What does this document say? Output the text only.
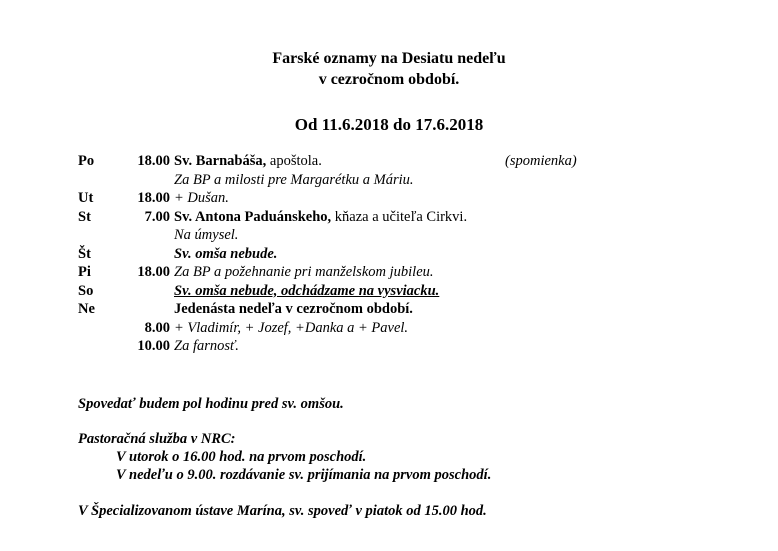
Farské oznamy na Desiatu nedeľu
v cezročnom období.
Od 11.6.2018 do 17.6.2018
Po	18.00 Sv. Barnabáša, apoštola.	(spomienka)
Za BP a milosti pre Margarétku a Máriu.
Ut	18.00 + Dušan.
St	7.00 Sv. Antona Paduánskeho, kňaza a učiteľa Cirkvi.
Na úmysel.
Št	Sv. omša nebude.
Pi	18.00 Za BP a požehnanie pri manželskom jubileu.
So	Sv. omša nebude, odchádzame na vysviacku.
Ne	Jedenásta nedeľa v cezročnom období.
8.00 + Vladimír, + Jozef, +Danka a + Pavel.
10.00 Za farnosť.
Spovedať budem pol hodinu pred sv. omšou.
Pastoračná služba v NRC:
V utorok o 16.00 hod. na prvom poschodí.
V nedeľu o 9.00. rozdávanie sv. prijímania na prvom poschodí.
V Špecializovanom ústave Marína, sv. spoveď v piatok od 15.00 hod.
